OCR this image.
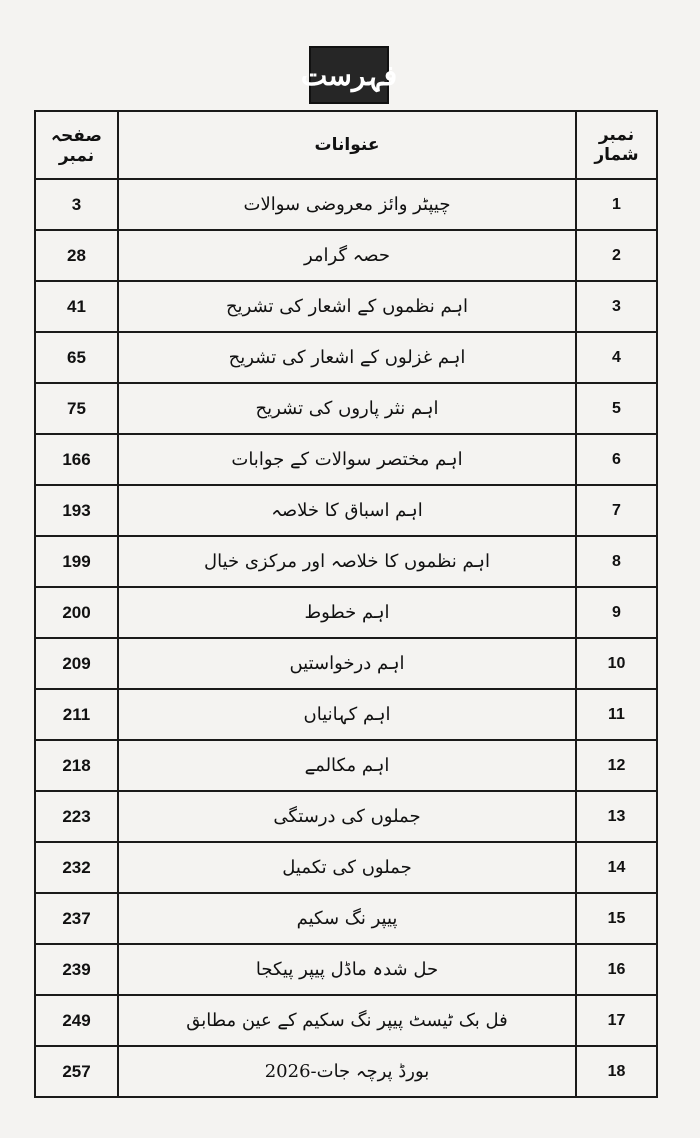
فہرست
صفحہ نمبر	عنوانات	نمبر شمار
3	چیپٹر وائز معروضی سوالات	1
28	حصہ گرامر	2
41	اہم نظموں کے اشعار کی تشریح	3
65	اہم غزلوں کے اشعار کی تشریح	4
75	اہم نثر پاروں کی تشریح	5
166	اہم مختصر سوالات کے جوابات	6
193	اہم اسباق کا خلاصہ	7
199	اہم نظموں کا خلاصہ اور مرکزی خیال	8
200	اہم خطوط	9
209	اہم درخواستیں	10
211	اہم کہانیاں	11
218	اہم مکالمے	12
223	جملوں کی درستگی	13
232	جملوں کی تکمیل	14
237	پیپر نگ سکیم	15
239	حل شدہ ماڈل پیپر پیکجا	16
249	فل بک ٹیسٹ پیپر نگ سکیم کے عین مطابق	17
257	بورڈ پرچہ جات-2026	18
